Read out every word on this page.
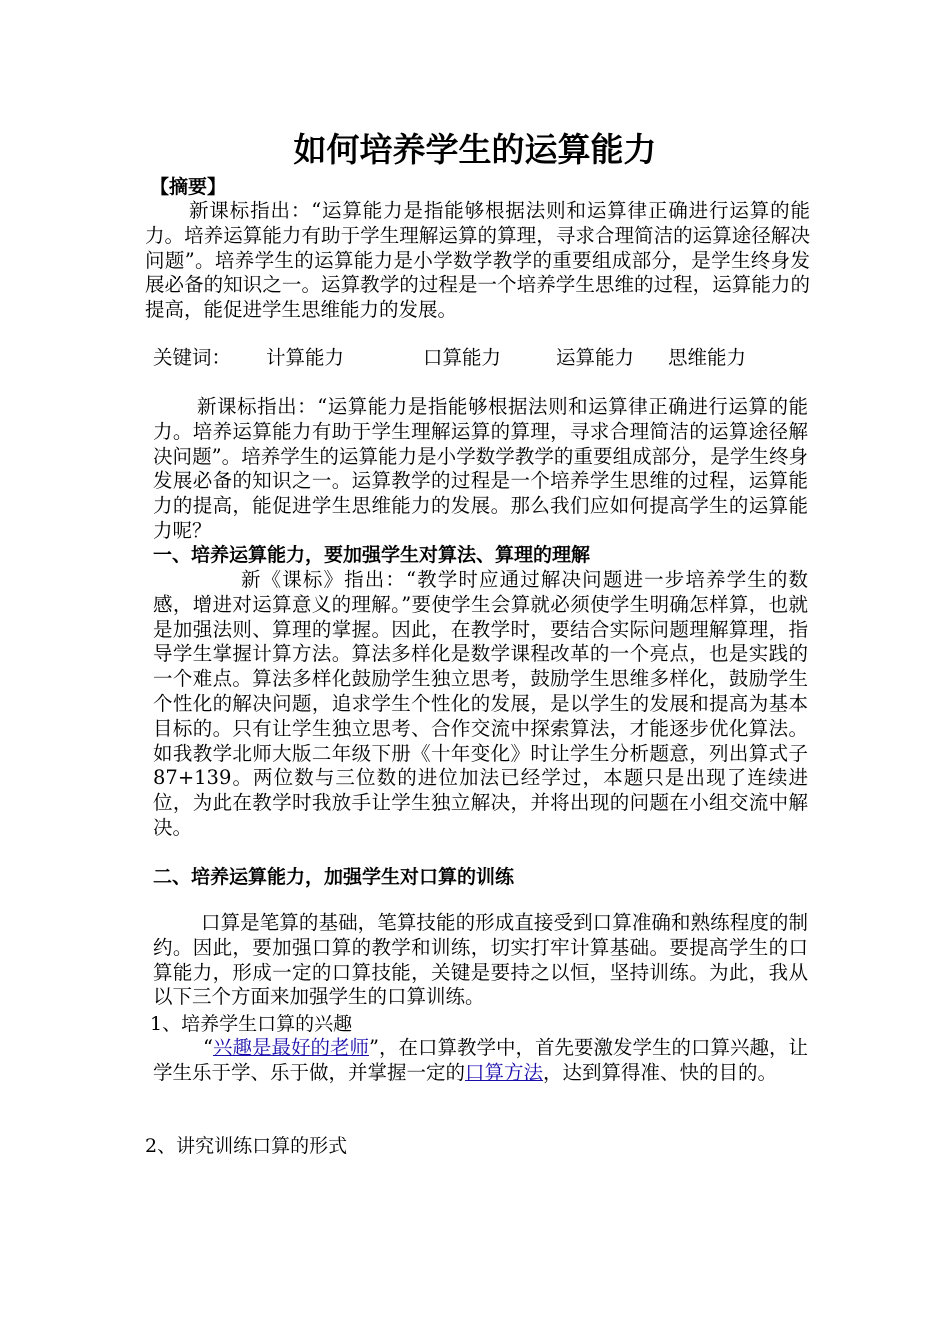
如何培养学生的运算能力
【摘要】

新课标指出：“运算能力是指能够根据法则和运算律正确进行运算的能力。培养运算能力有助于学生理解运算的算理，寻求合理简洁的运算途径解决问题”。培养学生的运算能力是小学数学教学的重要组成部分，是学生终身发展必备的知识之一。运算教学的过程是一个培养学生思维的过程，运算能力的提高，能促进学生思维能力的发展。

关键词： 计算能力	口算能力	运算能力 思维能力

新课标指出：“运算能力是指能够根据法则和运算律正确进行运算的能力。培养运算能力有助于学生理解运算的算理，寻求合理简洁的运算途径解决问题”。培养学生的运算能力是小学数学教学的重要组成部分，是学生终身发展必备的知识之一。运算教学的过程是一个培养学生思维的过程，运算能力的提高，能促进学生思维能力的发展。那么我们应如何提高学生的运算能力呢？

一、培养运算能力，要加强学生对算法、算理的理解

新《课标》指出：“教学时应通过解决问题进一步培养学生的数感，增进对运算意义的理解。”要使学生会算就必须使学生明确怎样算，也就是加强法则、算理的掌握。因此，在教学时，要结合实际问题理解算理，指导学生掌握计算方法。算法多样化是数学课程改革的一个亮点，也是实践的一个难点。算法多样化鼓励学生独立思考，鼓励学生思维多样化，鼓励学生个性化的解决问题，追求学生个性化的发展，是以学生的发展和提高为基本目标的。只有让学生独立思考、合作交流中探索算法，才能逐步优化算法。如我教学北师大版二年级下册《十年变化》时让学生分析题意，列出算式子87+139。两位数与三位数的进位加法已经学过，本题只是出现了连续进位，为此在教学时我放手让学生独立解决，并将出现的问题在小组交流中解决。

二、培养运算能力，加强学生对口算的训练

口算是笔算的基础，笔算技能的形成直接受到口算准确和熟练程度的制约。因此，要加强口算的教学和训练，切实打牢计算基础。要提高学生的口算能力，形成一定的口算技能，关键是要持之以恒，坚持训练。为此，我从以下三个方面来加强学生的口算训练。

1、培养学生口算的兴趣

“兴趣是最好的老师”，在口算教学中，首先要激发学生的口算兴趣，让学生乐于学、乐于做，并掌握一定的口算方法，达到算得准、快的目的。

2、讲究训练口算的形式
